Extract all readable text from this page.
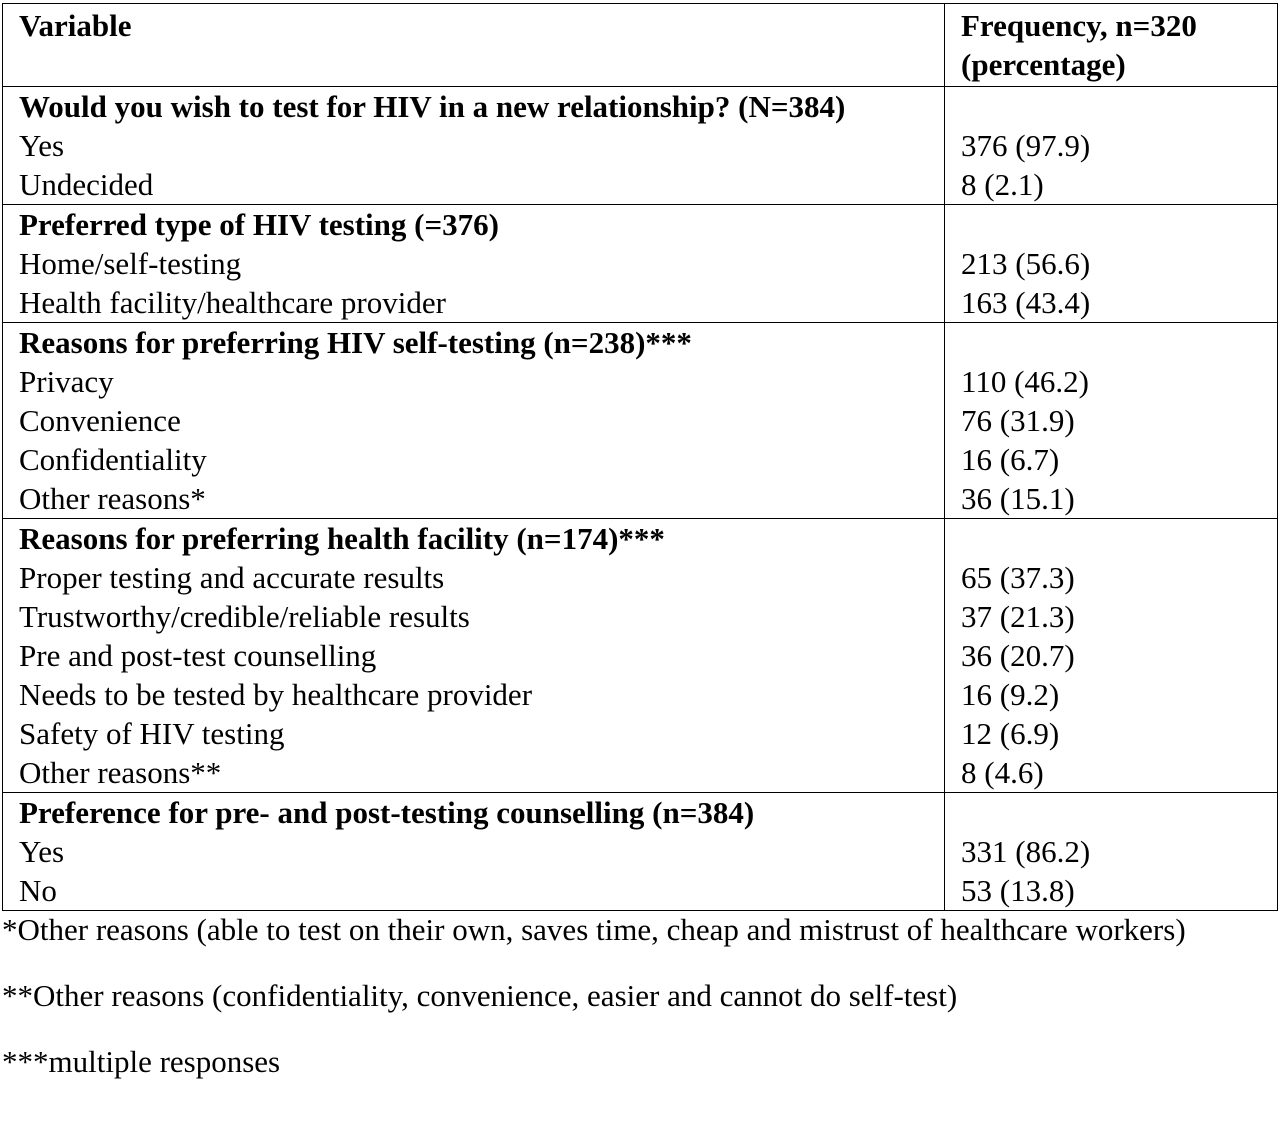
Variable	Frequency, n=320 (percentage)
Would you wish to test for HIV in a new relationship? (N=384)	
Yes	376 (97.9)
Undecided	8 (2.1)
Preferred type of HIV testing (=376)	
Home/self-testing	213 (56.6)
Health facility/healthcare provider	163 (43.4)
Reasons for preferring HIV self-testing (n=238)***	
Privacy	110 (46.2)
Convenience	76 (31.9)
Confidentiality	16 (6.7)
Other reasons*	36 (15.1)
Reasons for preferring health facility (n=174)***	
Proper testing and accurate results	65 (37.3)
Trustworthy/credible/reliable results	37 (21.3)
Pre and post-test counselling	36 (20.7)
Needs to be tested by healthcare provider	16 (9.2)
Safety of HIV testing	12 (6.9)
Other reasons**	8 (4.6)
Preference for pre- and post-testing counselling (n=384)	
Yes	331 (86.2)
No	53 (13.8)

*Other reasons (able to test on their own, saves time, cheap and mistrust of healthcare workers)

**Other reasons (confidentiality, convenience, easier and cannot do self-test)

***multiple responses
